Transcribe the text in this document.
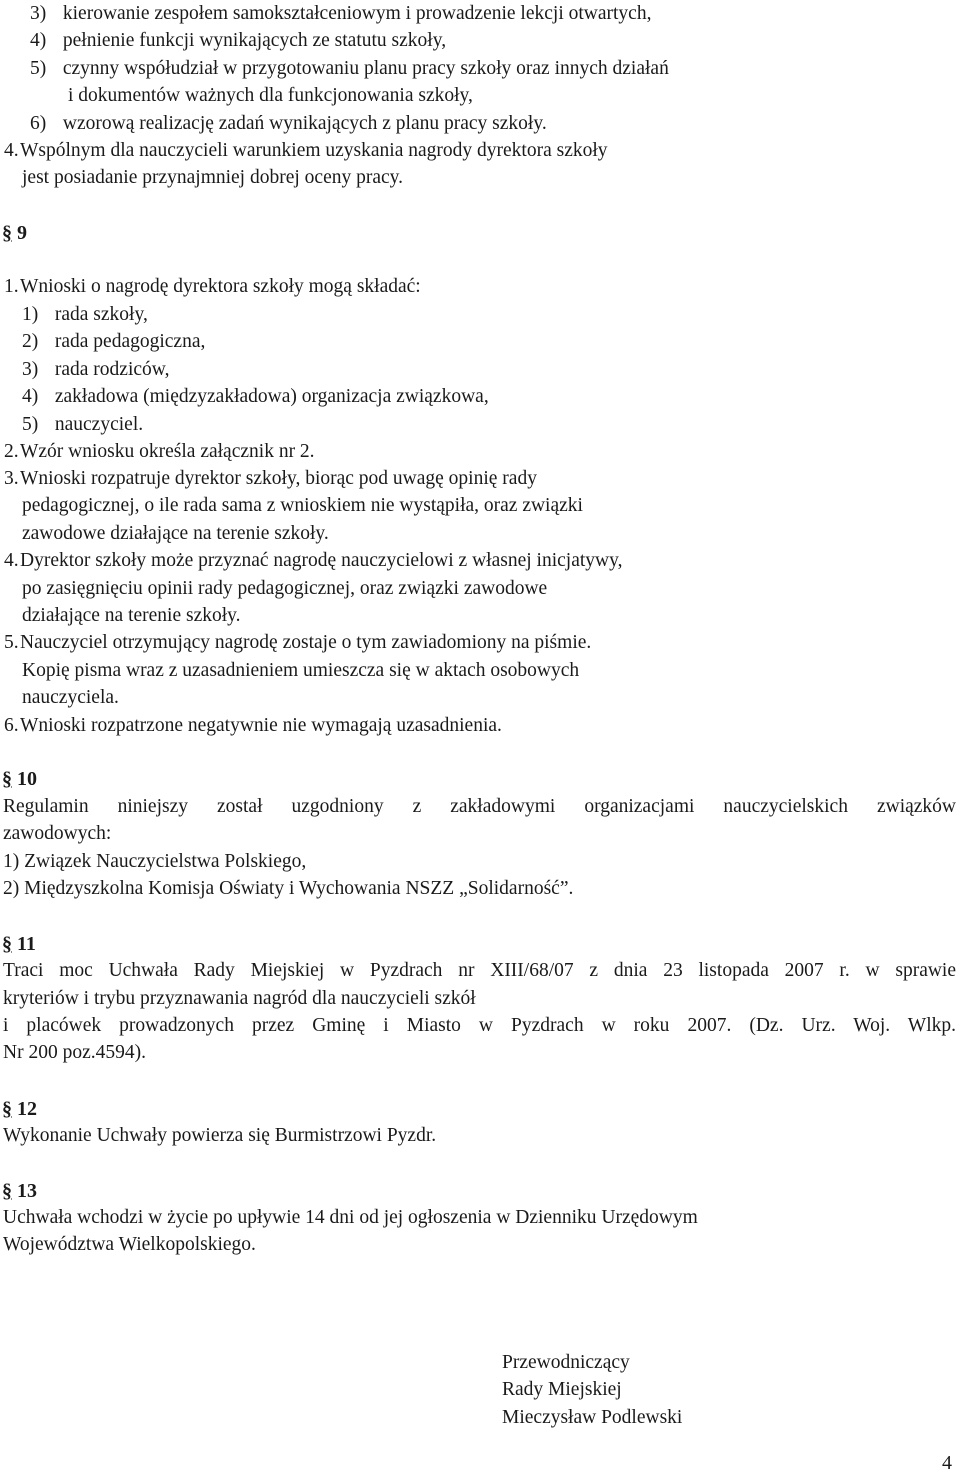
3) kierowanie zespołem samokształceniowym i prowadzenie lekcji otwartych,
4) pełnienie funkcji wynikających ze statutu szkoły,
5) czynny współudział w przygotowaniu planu pracy szkoły oraz innych działań
i dokumentów ważnych dla funkcjonowania szkoły,
6) wzorową realizację zadań wynikających z planu pracy szkoły.
4.Wspólnym dla nauczycieli warunkiem uzyskania nagrody dyrektora szkoły
jest posiadanie przynajmniej dobrej oceny pracy.
§ 9
1.Wnioski o nagrodę dyrektora szkoły mogą składać:
1) rada szkoły,
2) rada pedagogiczna,
3) rada rodziców,
4) zakładowa (międzyzakładowa) organizacja związkowa,
5) nauczyciel.
2.Wzór wniosku określa załącznik nr 2.
3.Wnioski rozpatruje dyrektor szkoły, biorąc pod uwagę opinię rady
pedagogicznej, o ile rada sama z wnioskiem nie wystąpiła, oraz związki
zawodowe działające na terenie szkoły.
4.Dyrektor szkoły może przyznać nagrodę nauczycielowi z własnej inicjatywy,
po zasięgnięciu opinii rady pedagogicznej, oraz związki zawodowe
działające na terenie szkoły.
5.Nauczyciel otrzymujący nagrodę zostaje o tym zawiadomiony na piśmie.
Kopię pisma wraz z uzasadnieniem umieszcza się w aktach osobowych
nauczyciela.
6.Wnioski rozpatrzone negatywnie nie wymagają uzasadnienia.
§ 10
Regulamin niniejszy został uzgodniony z zakładowymi organizacjami nauczycielskich związków
zawodowych:
1) Związek Nauczycielstwa Polskiego,
2) Międzyszkolna Komisja Oświaty i Wychowania NSZZ „Solidarność”.
§ 11
Traci moc Uchwała Rady Miejskiej w Pyzdrach nr XIII/68/07 z dnia 23 listopada 2007 r. w sprawie
kryteriów i trybu przyznawania nagród dla nauczycieli szkół
i placówek prowadzonych przez Gminę i Miasto w Pyzdrach w roku 2007. (Dz. Urz. Woj. Wlkp.
Nr 200 poz.4594).
§ 12
Wykonanie Uchwały powierza się Burmistrzowi Pyzdr.
§ 13
Uchwała wchodzi w życie po upływie 14 dni od jej ogłoszenia w Dzienniku Urzędowym
Województwa Wielkopolskiego.
Przewodniczący
Rady Miejskiej
Mieczysław Podlewski
4
